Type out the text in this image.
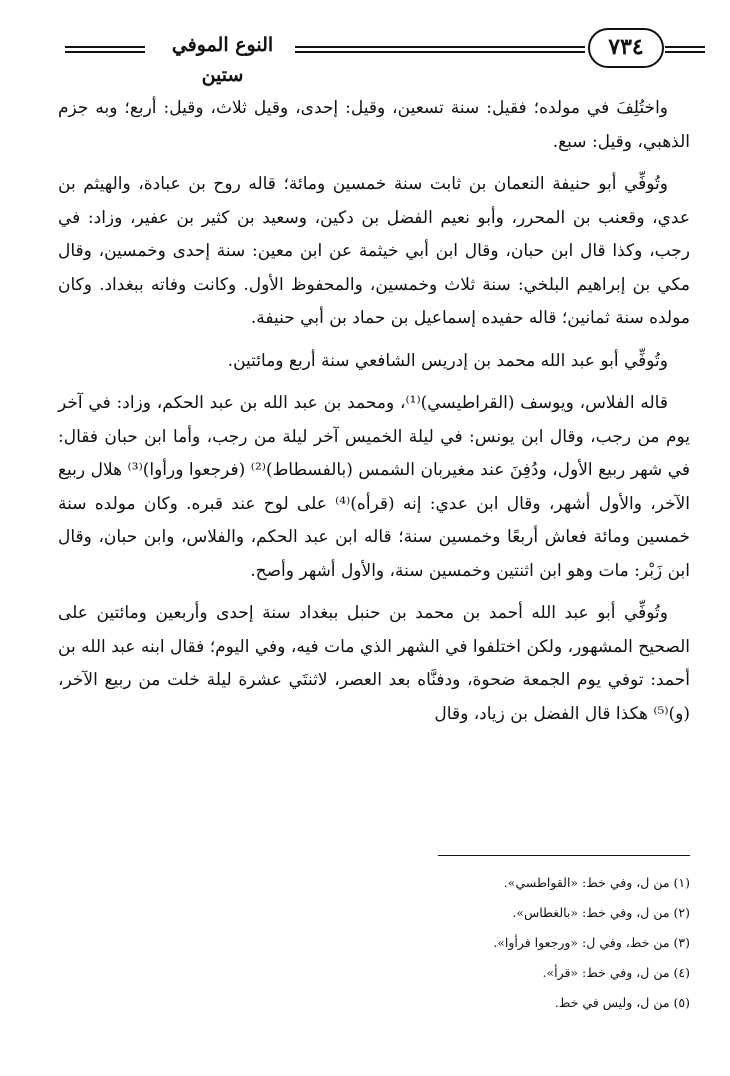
النوع الموفي ستين
٧٣٤

واختُلِفَ في مولده؛ فقيل: سنة تسعين، وقيل: إحدى، وقيل ثلاث، وقيل: أربع؛ وبه جزم الذهبي، وقيل: سبع.

وتُوفِّي أبو حنيفة النعمان بن ثابت سنة خمسين ومائة؛ قاله روح بن عبادة، والهيثم بن عدي، وقعنب بن المحرر، وأبو نعيم الفضل بن دكين، وسعيد بن كثير بن عفير، وزاد: في رجب، وكذا قال ابن حبان، وقال ابن أبي خيثمة عن ابن معين: سنة إحدى وخمسين، وقال مكي بن إبراهيم البلخي: سنة ثلاث وخمسين، والمحفوظ الأول. وكانت وفاته ببغداد. وكان مولده سنة ثمانين؛ قاله حفيده إسماعيل بن حماد بن أبي حنيفة.

وتُوفِّي أبو عبد الله محمد بن إدريس الشافعي سنة أربع ومائتين.

قاله الفلاس، ويوسف (القراطيسي)⁽¹⁾، ومحمد بن عبد الله بن عبد الحكم، وزاد: في آخر يوم من رجب، وقال ابن يونس: في ليلة الخميس آخر ليلة من رجب، وأما ابن حبان فقال: في شهر ربيع الأول، ودُفِنَ عند مغيربان الشمس (بالفسطاط)⁽²⁾ (فرجعوا ورأوا)⁽³⁾ هلال ربيع الآخر، والأول أشهر، وقال ابن عدي: إنه (قرأه)⁽⁴⁾ على لوح عند قبره. وكان مولده سنة خمسين ومائة فعاش أربعًا وخمسين سنة؛ قاله ابن عبد الحكم، والفلاس، وابن حبان، وقال ابن زَبْر: مات وهو ابن اثنتين وخمسين سنة، والأول أشهر وأصح.

وتُوفِّي أبو عبد الله أحمد بن محمد بن حنبل ببغداد سنة إحدى وأربعين ومائتين على الصحيح المشهور، ولكن اختلفوا في الشهر الذي مات فيه، وفي اليوم؛ فقال ابنه عبد الله بن أحمد: توفي يوم الجمعة ضحوة، ودفنَّاه بعد العصر، لاثنتَي عشرة ليلة خلت من ربيع الآخر، (و)⁽⁵⁾ هكذا قال الفضل بن زياد، وقال

(١) من ل، وفي خط: «القواطسي».
(٢) من ل، وفي خط: «بالغطاس».
(٣) من خط، وفي ل: «ورجعوا فرأوا».
(٤) من ل، وفي خط: «قرأ».
(٥) من ل، وليس في خط.
